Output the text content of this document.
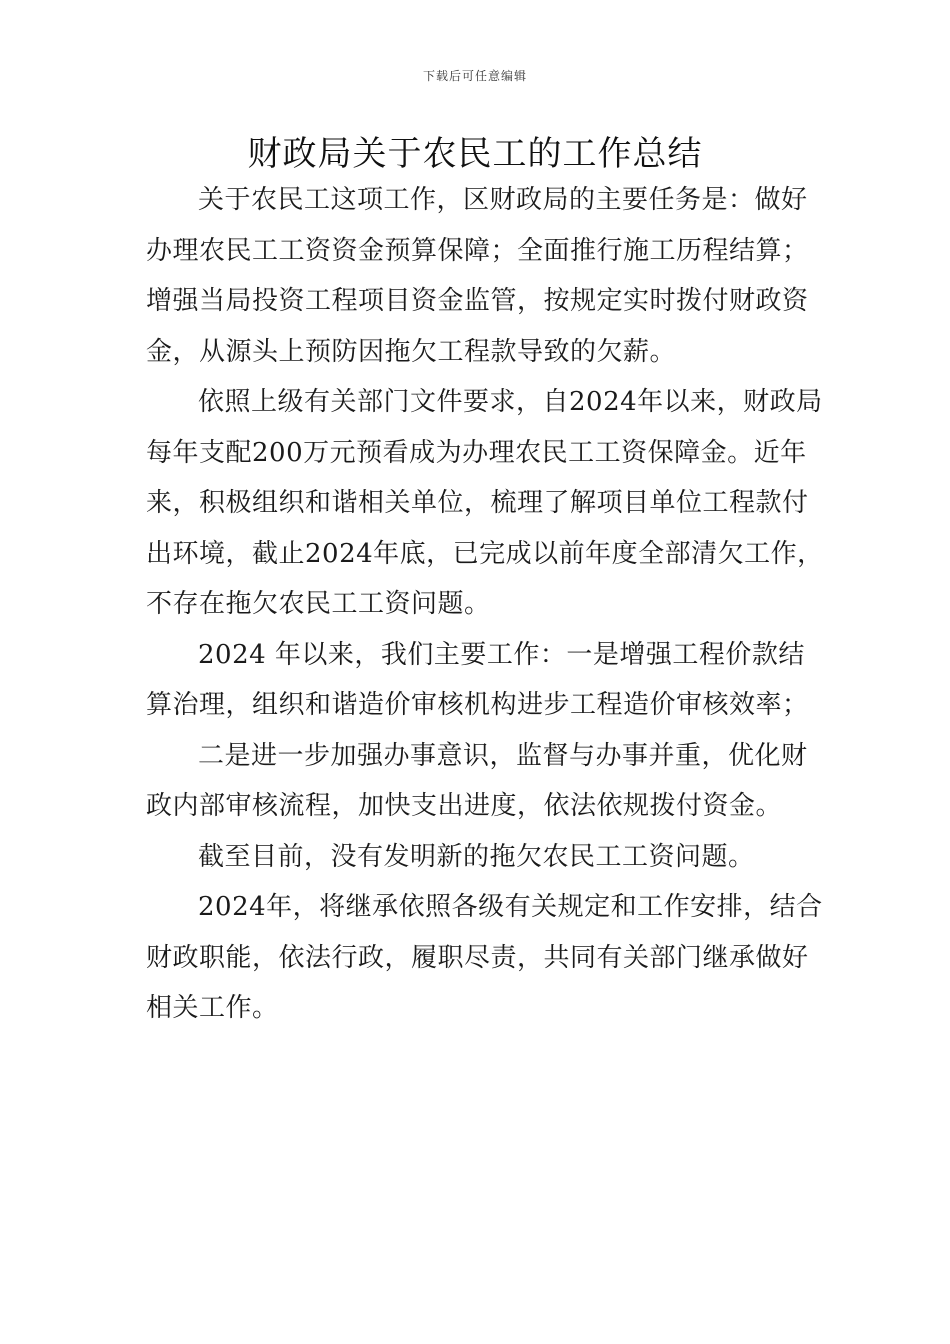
下载后可任意编辑
财政局关于农民工的工作总结

关于农民工这项工作，区财政局的主要任务是：做好办理农民工工资资金预算保障；全面推行施工历程结算；增强当局投资工程项目资金监管，按规定实时拨付财政资金，从源头上预防因拖欠工程款导致的欠薪。

依照上级有关部门文件要求，自2024年以来，财政局每年支配200万元预看成为办理农民工工资保障金。近年来，积极组织和谐相关单位，梳理了解项目单位工程款付出环境，截止2024年底，已完成以前年度全部清欠工作，不存在拖欠农民工工资问题。

2024 年以来，我们主要工作：一是增强工程价款结算治理，组织和谐造价审核机构进步工程造价审核效率；

二是进一步加强办事意识，监督与办事并重，优化财政内部审核流程，加快支出进度，依法依规拨付资金。

截至目前，没有发明新的拖欠农民工工资问题。

2024年，将继承依照各级有关规定和工作安排，结合财政职能，依法行政，履职尽责，共同有关部门继承做好相关工作。
